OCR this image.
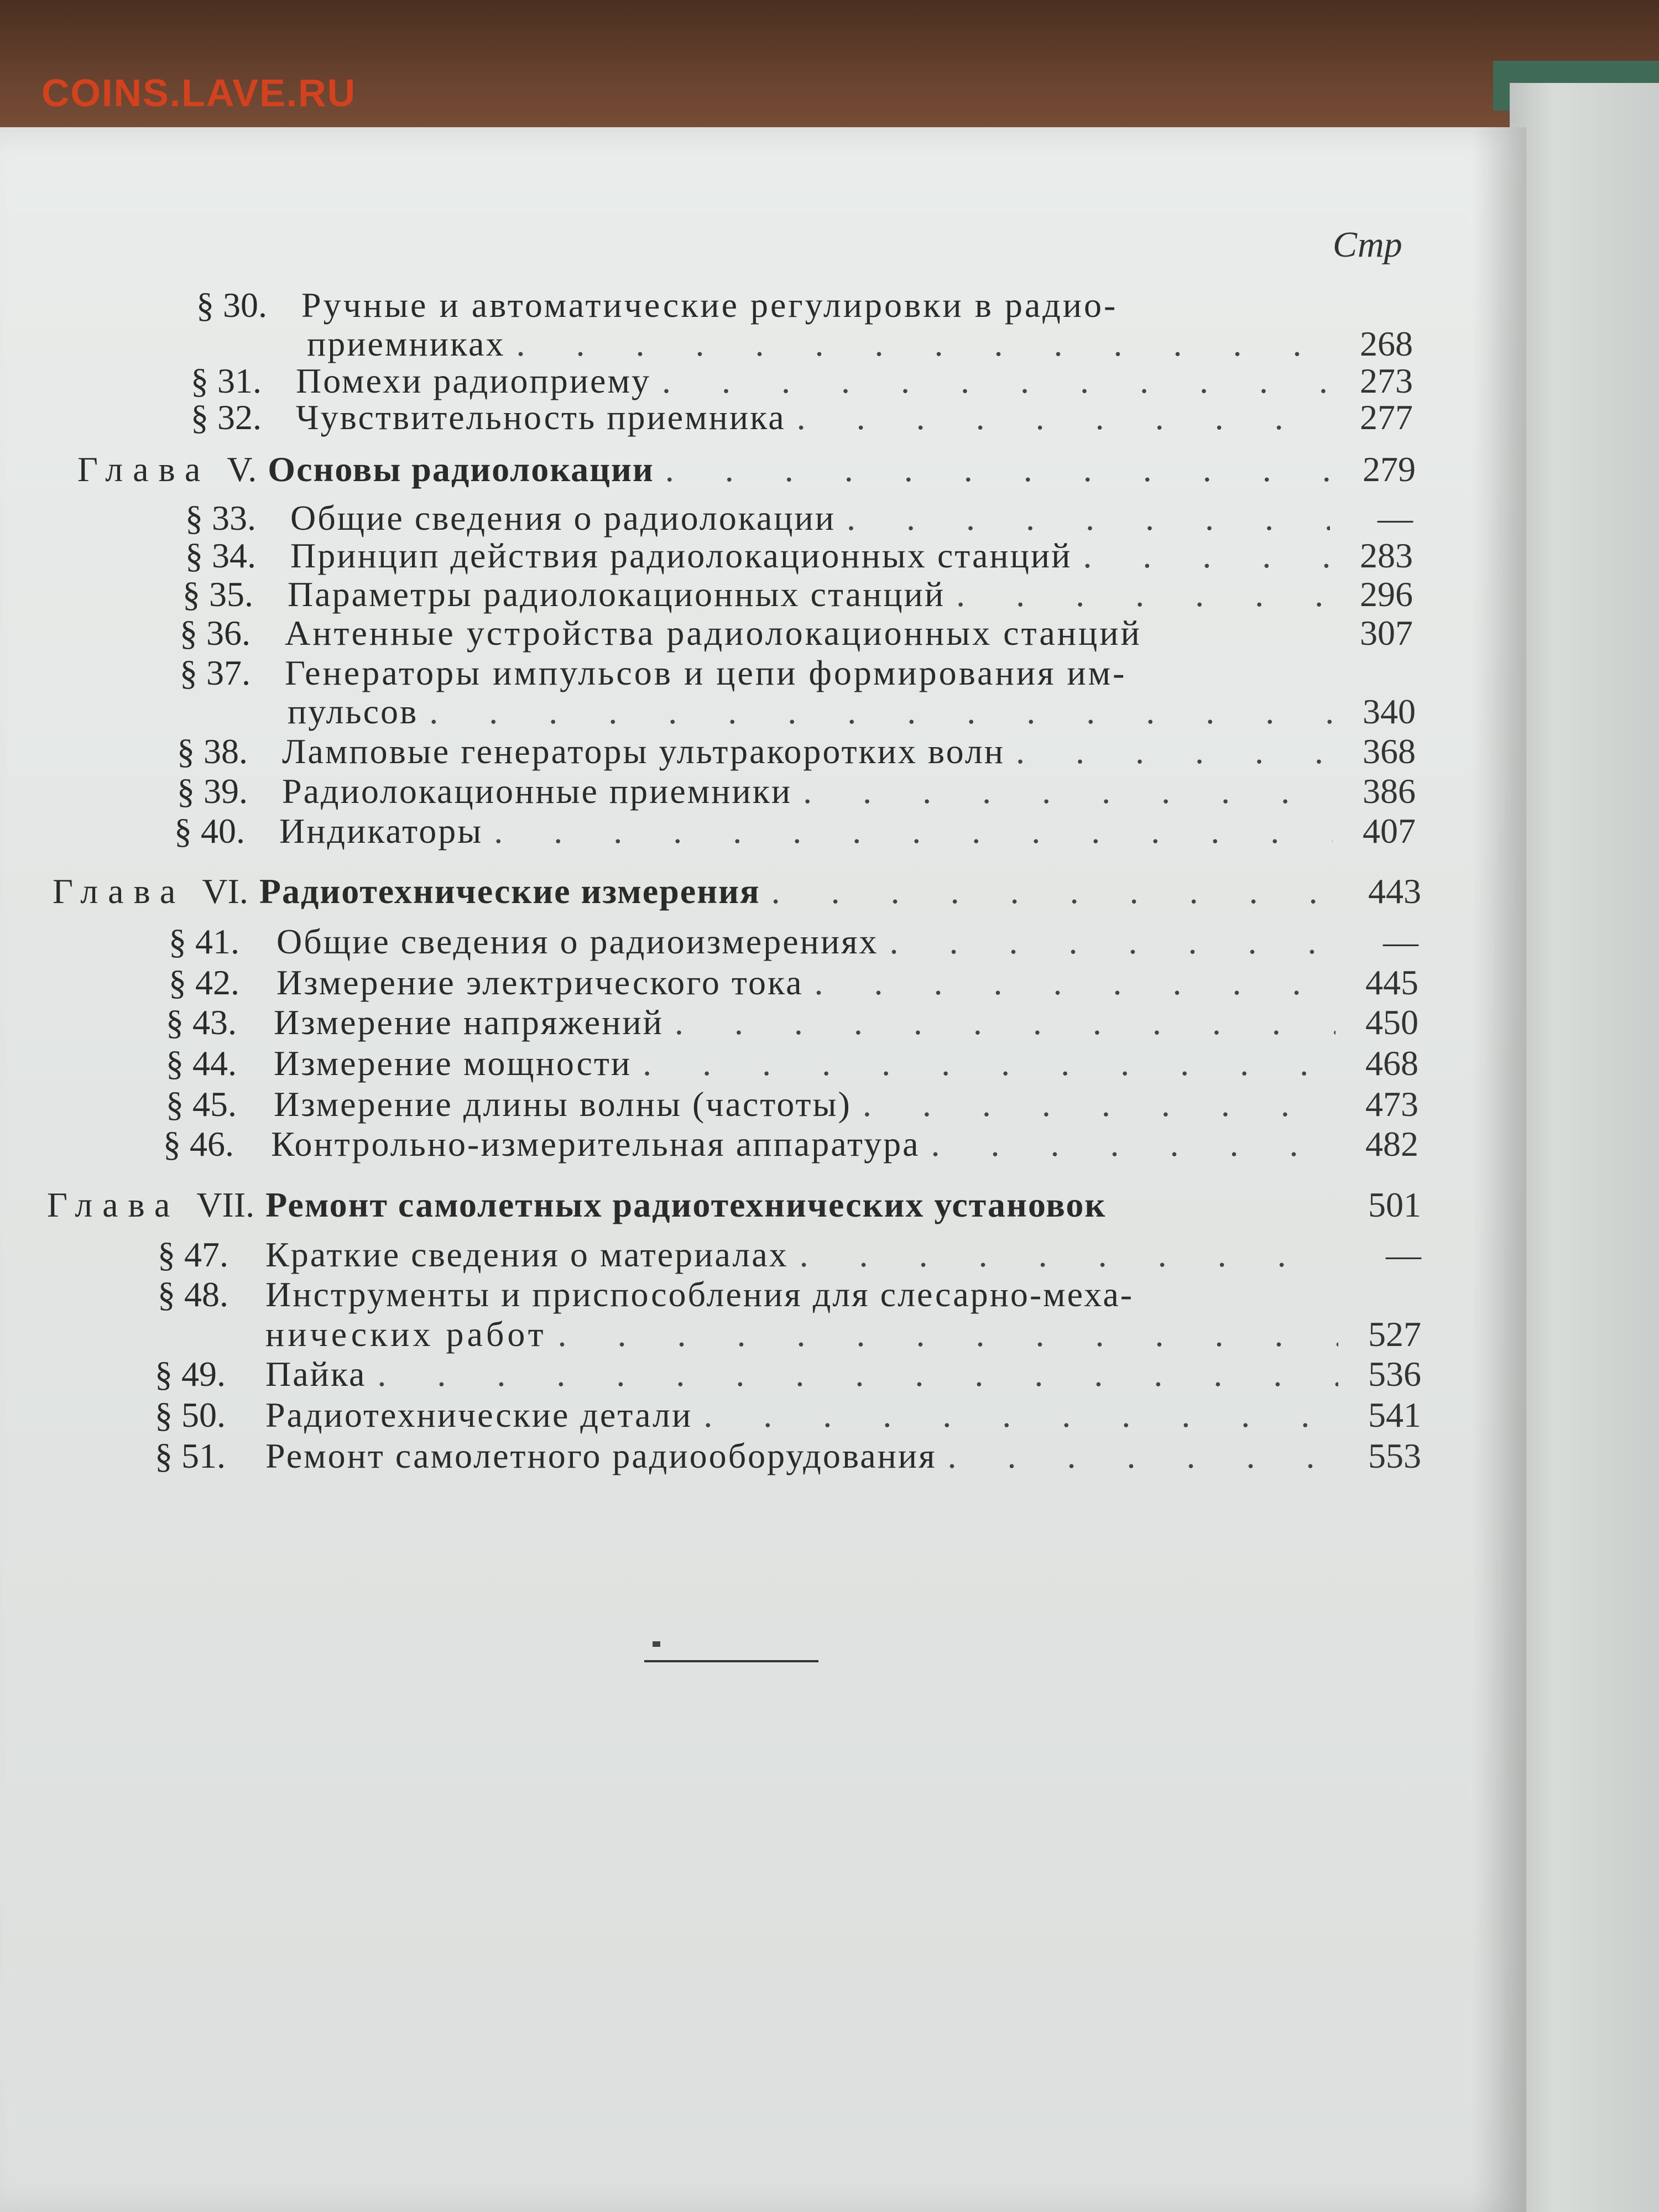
COINS.LAVE.RU
Стр
§ 30. Ручные и автоматические регулировки в радио-
приемниках . . .	268
§ 31. Помехи радиоприему . . .	273
§ 32. Чувствительность приемника . . .	277
Глава V. Основы радиолокации . . .	279
§ 33. Общие сведения о радиолокации . . .	—
§ 34. Принцип действия радиолокационных станций . . .	283
§ 35. Параметры радиолокационных станций . . .	296
§ 36. Антенные устройства радиолокационных станций	307
§ 37. Генераторы импульсов и цепи формирования им-
пульсов . . .	340
§ 38. Ламповые генераторы ультракоротких волн . . .	368
§ 39. Радиолокационные приемники . . .	386
§ 40. Индикаторы . . .	407
Глава VI. Радиотехнические измерения . . .	443
§ 41.	Общие сведения о радиоизмерениях . . .	—
§ 42.	Измерение электрического тока . . .	445
§ 43.	Измерение напряжений . . .	450
§ 44.	Измерение мощности . . .	468
§ 45.	Измерение длины волны (частоты) . . .	473
§ 46.	Контрольно-измерительная аппаратура . . .	482
Глава VII. Ремонт самолетных радиотехнических установок	501
§ 47.	Краткие сведения о материалах . . .	—
§ 48.	Инструменты и приспособления для слесарно-меха-
нических работ . . .	527
§ 49.	Пайка . . .	536
§ 50.	Радиотехнические детали . . .	541
§ 51.	Ремонт самолетного радиооборудования . . .	553
